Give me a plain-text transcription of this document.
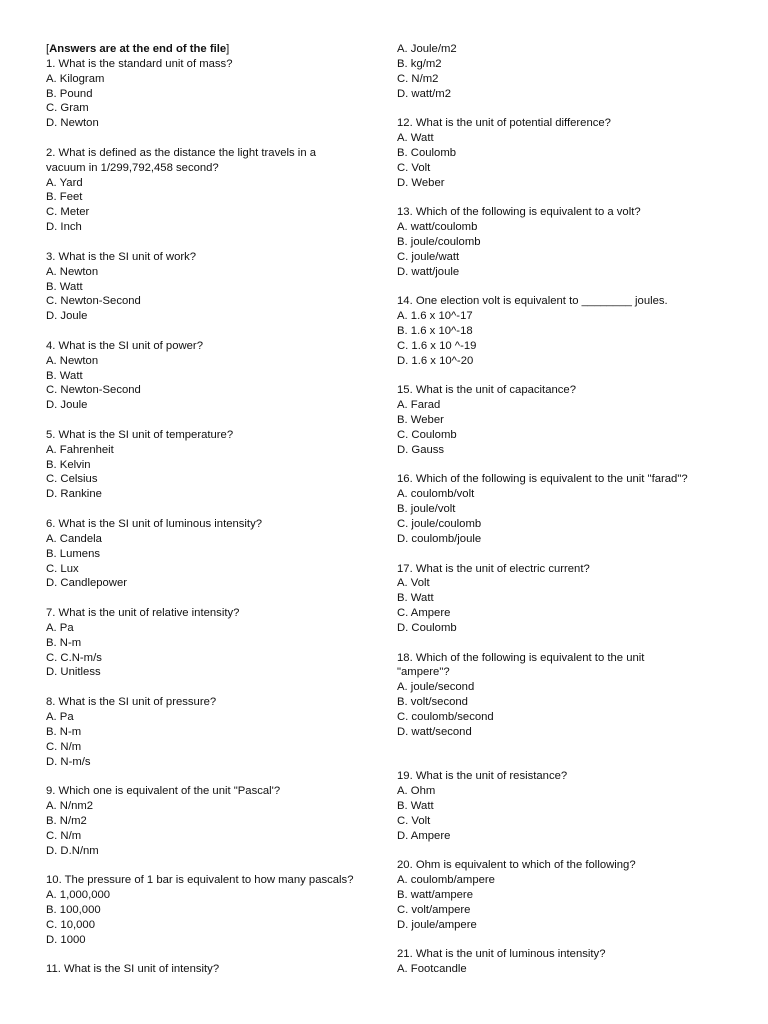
[Answers are at the end of the file]
1. What is the standard unit of mass?
A. Kilogram
B. Pound
C. Gram
D. Newton
2. What is defined as the distance the light travels in a
vacuum in 1/299,792,458 second?
A. Yard
B. Feet
C. Meter
D. Inch
3. What is the SI unit of work?
A. Newton
B. Watt
C. Newton-Second
D. Joule
4. What is the SI unit of power?
A. Newton
B. Watt
C. Newton-Second
D. Joule
5. What is the SI unit of temperature?
A. Fahrenheit
B. Kelvin
C. Celsius
D. Rankine
6. What is the SI unit of luminous intensity?
A. Candela
B. Lumens
C. Lux
D. Candlepower
7. What is the unit of relative intensity?
A. Pa
B. N-m
C. C.N-m/s
D. Unitless
8. What is the SI unit of pressure?
A. Pa
B. N-m
C. N/m
D. N-m/s
9. Which one is equivalent of the unit "Pascal'?
A. N/nm2
B. N/m2
C. N/m
D. D.N/nm
10. The pressure of 1 bar is equivalent to how many pascals?
A. 1,000,000
B. 100,000
C. 10,000
D. 1000
11. What is the SI unit of intensity?
A. Joule/m2
B. kg/m2
C. N/m2
D. watt/m2
12. What is the unit of potential difference?
A. Watt
B. Coulomb
C. Volt
D. Weber
13. Which of the following is equivalent to a volt?
A. watt/coulomb
B. joule/coulomb
C. joule/watt
D. watt/joule
14. One election volt is equivalent to ________ joules.
A. 1.6 x 10^-17
B. 1.6 x 10^-18
C. 1.6 x 10 ^-19
D. 1.6 x 10^-20
15. What is the unit of capacitance?
A. Farad
B. Weber
C. Coulomb
D. Gauss
16. Which of the following is equivalent to the unit "farad"?
A. coulomb/volt
B. joule/volt
C. joule/coulomb
D. coulomb/joule
17. What is the unit of electric current?
A. Volt
B. Watt
C. Ampere
D. Coulomb
18. Which of the following is equivalent to the unit
"ampere"?
A. joule/second
B. volt/second
C. coulomb/second
D. watt/second
19. What is the unit of resistance?
A. Ohm
B. Watt
C. Volt
D. Ampere
20. Ohm is equivalent to which of the following?
A. coulomb/ampere
B. watt/ampere
C. volt/ampere
D. joule/ampere
21. What is the unit of luminous intensity?
A. Footcandle
